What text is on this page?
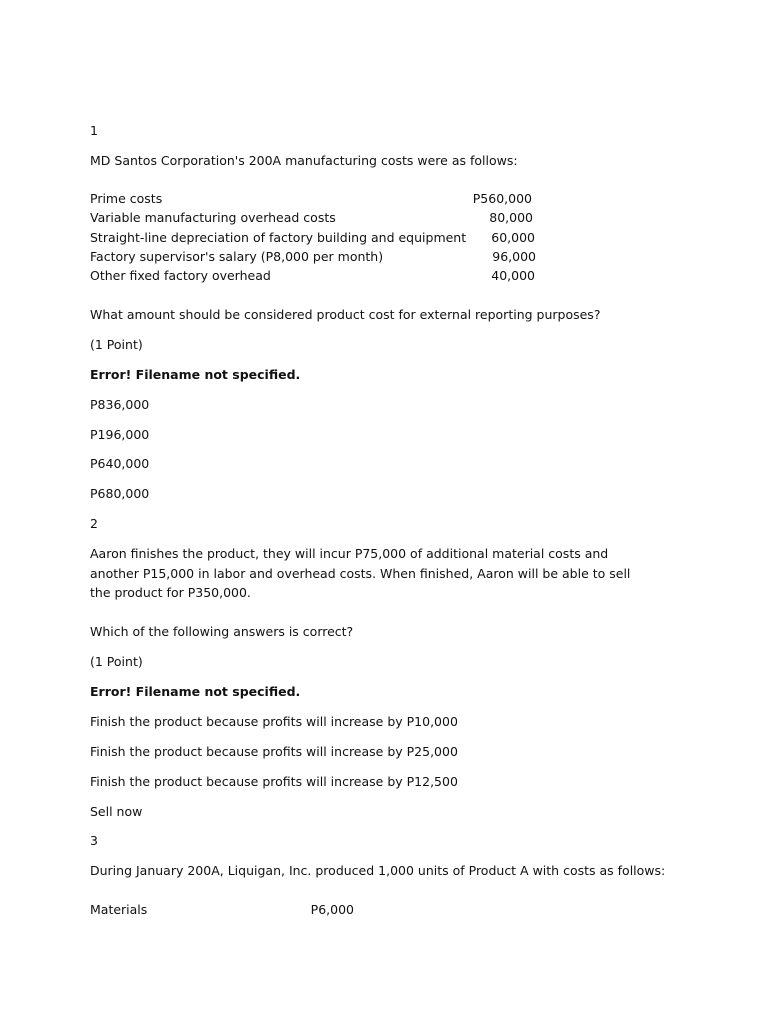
1
MD Santos Corporation's 200A manufacturing costs were as follows:
Prime costs	P560,000
Variable manufacturing overhead costs	80,000
Straight-line depreciation of factory building and equipment 60,000
Factory supervisor's salary (P8,000 per month)	96,000
Other fixed factory overhead	40,000
What amount should be considered product cost for external reporting purposes?
(1 Point)
Error! Filename not specified.
P836,000
P196,000
P640,000
P680,000
2
Aaron finishes the product, they will incur P75,000 of additional material costs and another P15,000 in labor and overhead costs. When finished, Aaron will be able to sell the product for P350,000.
Which of the following answers is correct?
(1 Point)
Error! Filename not specified.
Finish the product because profits will increase by P10,000
Finish the product because profits will increase by P25,000
Finish the product because profits will increase by P12,500
Sell now
3
During January 200A, Liquigan, Inc. produced 1,000 units of Product A with costs as follows:
Materials	P6,000
